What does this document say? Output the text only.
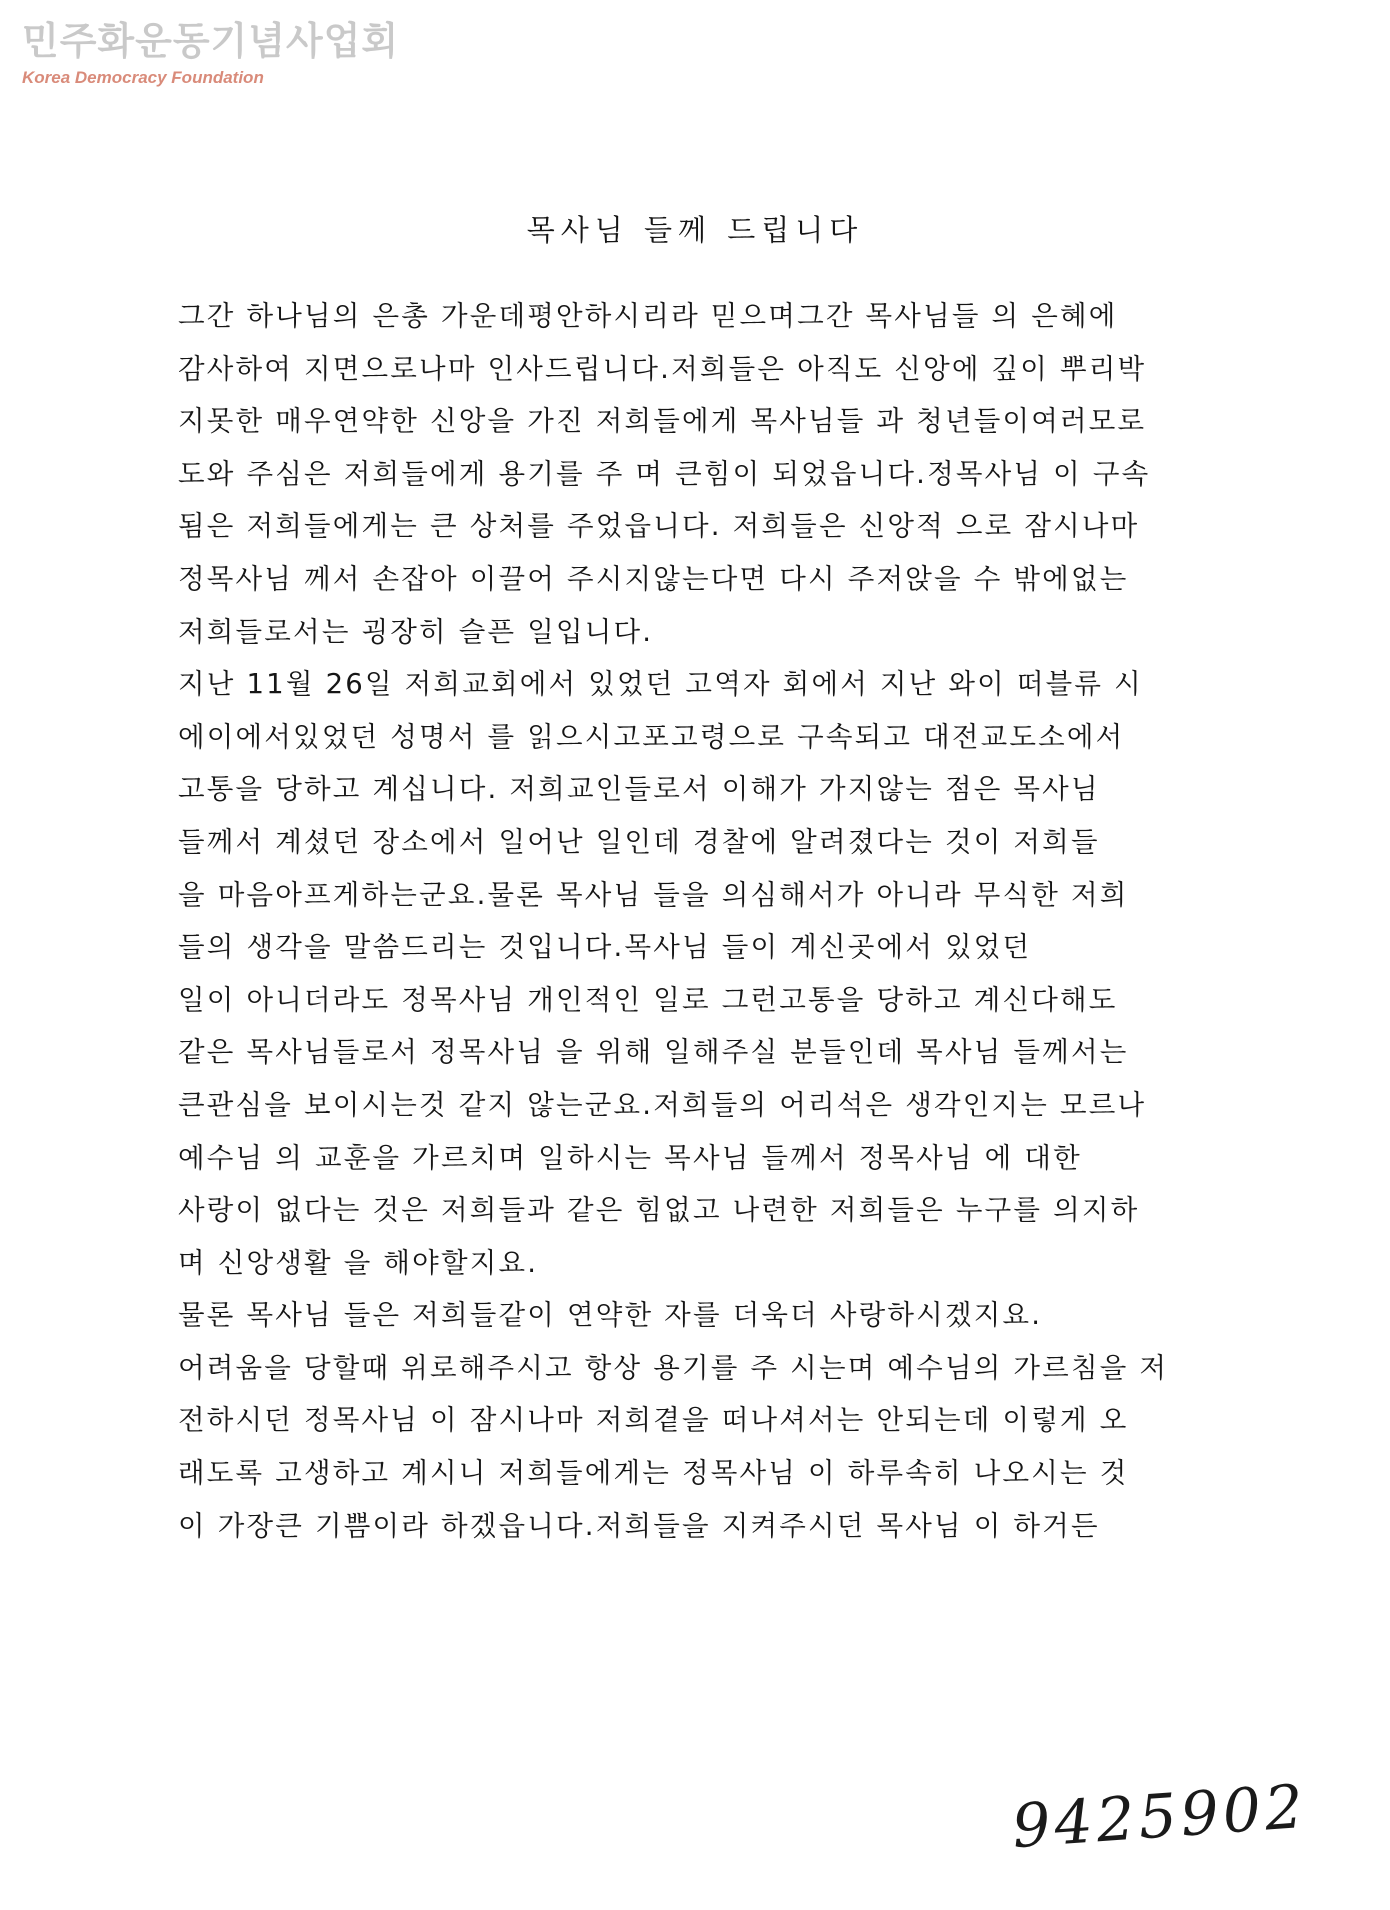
민주화운동기념사업회
Korea Democracy Foundation
목사님 들께 드립니다
그간 하나님의 은총 가운데평안하시리라 믿으며그간 목사님들 의 은혜에
감사하여 지면으로나마 인사드립니다.저희들은 아직도 신앙에 깊이 뿌리박
지못한 매우연약한 신앙을 가진 저희들에게 목사님들 과 청년들이여러모로
도와 주심은 저희들에게 용기를 주 며 큰힘이 되었읍니다.정목사님 이 구속
됨은 저희들에게는 큰 상처를 주었읍니다. 저희들은 신앙적 으로 잠시나마
정목사님 께서 손잡아 이끌어 주시지않는다면 다시 주저앉을 수 밖에없는
저희들로서는 굉장히 슬픈 일입니다.
지난 11월 26일 저희교회에서 있었던 고역자 회에서 지난 와이 떠블류 시
에이에서있었던 성명서 를 읽으시고포고령으로 구속되고 대전교도소에서
고통을 당하고 계십니다. 저희교인들로서 이해가 가지않는 점은 목사님
들께서 계셨던 장소에서 일어난 일인데 경찰에 알려졌다는 것이 저희들
을 마음아프게하는군요.물론 목사님 들을 의심해서가 아니라 무식한 저희
들의 생각을 말씀드리는 것입니다.목사님 들이 계신곳에서 있었던
일이 아니더라도 정목사님 개인적인 일로 그런고통을 당하고 계신다해도
같은 목사님들로서 정목사님 을 위해 일해주실 분들인데 목사님 들께서는
큰관심을 보이시는것 같지 않는군요.저희들의 어리석은 생각인지는 모르나
예수님 의 교훈을 가르치며 일하시는 목사님 들께서 정목사님 에 대한
사랑이 없다는 것은 저희들과 같은 힘없고 나련한 저희들은 누구를 의지하
며 신앙생활 을 해야할지요.
물론 목사님 들은 저희들같이 연약한 자를 더욱더 사랑하시겠지요.
어려움을 당할때 위로해주시고 항상 용기를 주 시는며 예수님의 가르침을 저
전하시던 정목사님 이 잠시나마 저희곁을 떠나셔서는 안되는데 이렇게 오
래도록 고생하고 계시니 저희들에게는 정목사님 이 하루속히 나오시는 것
이 가장큰 기쁨이라 하겠읍니다.저희들을 지켜주시던 목사님 이 하거든
9425902
